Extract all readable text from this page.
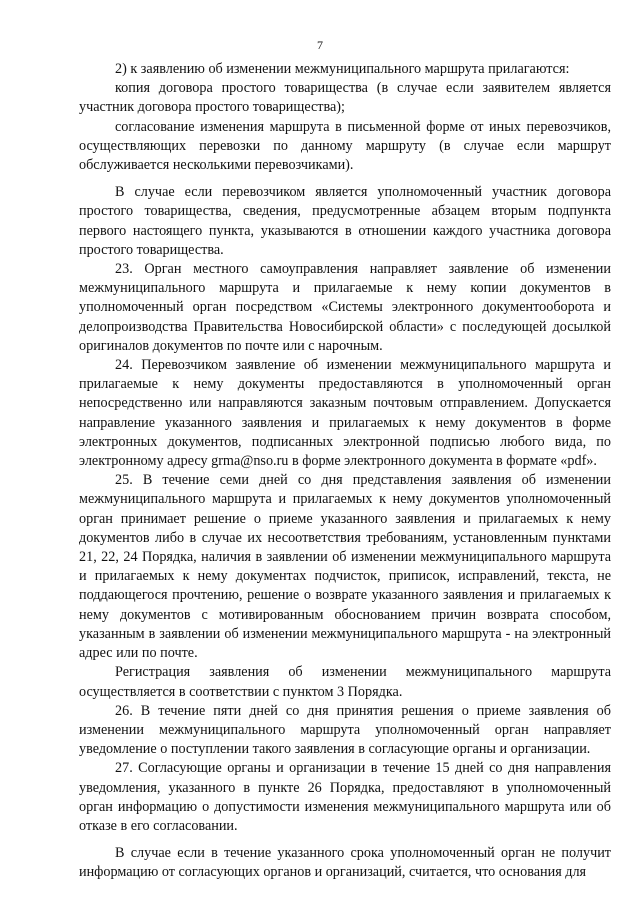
7

2) к заявлению об изменении межмуниципального маршрута прилагаются:

копия договора простого товарищества (в случае если заявителем является участник договора простого товарищества);

согласование изменения маршрута в письменной форме от иных перевозчиков, осуществляющих перевозки по данному маршруту (в случае если маршрут обслуживается несколькими перевозчиками).

В случае если перевозчиком является уполномоченный участник договора простого товарищества, сведения, предусмотренные абзацем вторым подпункта первого настоящего пункта, указываются в отношении каждого участника договора простого товарищества.

23. Орган местного самоуправления направляет заявление об изменении межмуниципального маршрута и прилагаемые к нему копии документов в уполномоченный орган посредством «Системы электронного документооборота и делопроизводства Правительства Новосибирской области» с последующей досылкой оригиналов документов по почте или с нарочным.

24. Перевозчиком заявление об изменении межмуниципального маршрута и прилагаемые к нему документы предоставляются в уполномоченный орган непосредственно или направляются заказным почтовым отправлением. Допускается направление указанного заявления и прилагаемых к нему документов в форме электронных документов, подписанных электронной подписью любого вида, по электронному адресу grma@nso.ru в форме электронного документа в формате «pdf».

25. В течение семи дней со дня представления заявления об изменении межмуниципального маршрута и прилагаемых к нему документов уполномоченный орган принимает решение о приеме указанного заявления и прилагаемых к нему документов либо в случае их несоответствия требованиям, установленным пунктами 21, 22, 24 Порядка, наличия в заявлении об изменении межмуниципального маршрута и прилагаемых к нему документах подчисток, приписок, исправлений, текста, не поддающегося прочтению, решение о возврате указанного заявления и прилагаемых к нему документов с мотивированным обоснованием причин возврата способом, указанным в заявлении об изменении межмуниципального маршрута - на электронный адрес или по почте.

Регистрация заявления об изменении межмуниципального маршрута осуществляется в соответствии с пунктом 3 Порядка.

26. В течение пяти дней со дня принятия решения о приеме заявления об изменении межмуниципального маршрута уполномоченный орган направляет уведомление о поступлении такого заявления в согласующие органы и организации.

27. Согласующие органы и организации в течение 15 дней со дня направления уведомления, указанного в пункте 26 Порядка, предоставляют в уполномоченный орган информацию о допустимости изменения межмуниципального маршрута или об отказе в его согласовании.

В случае если в течение указанного срока уполномоченный орган не получит информацию от согласующих органов и организаций, считается, что основания для
